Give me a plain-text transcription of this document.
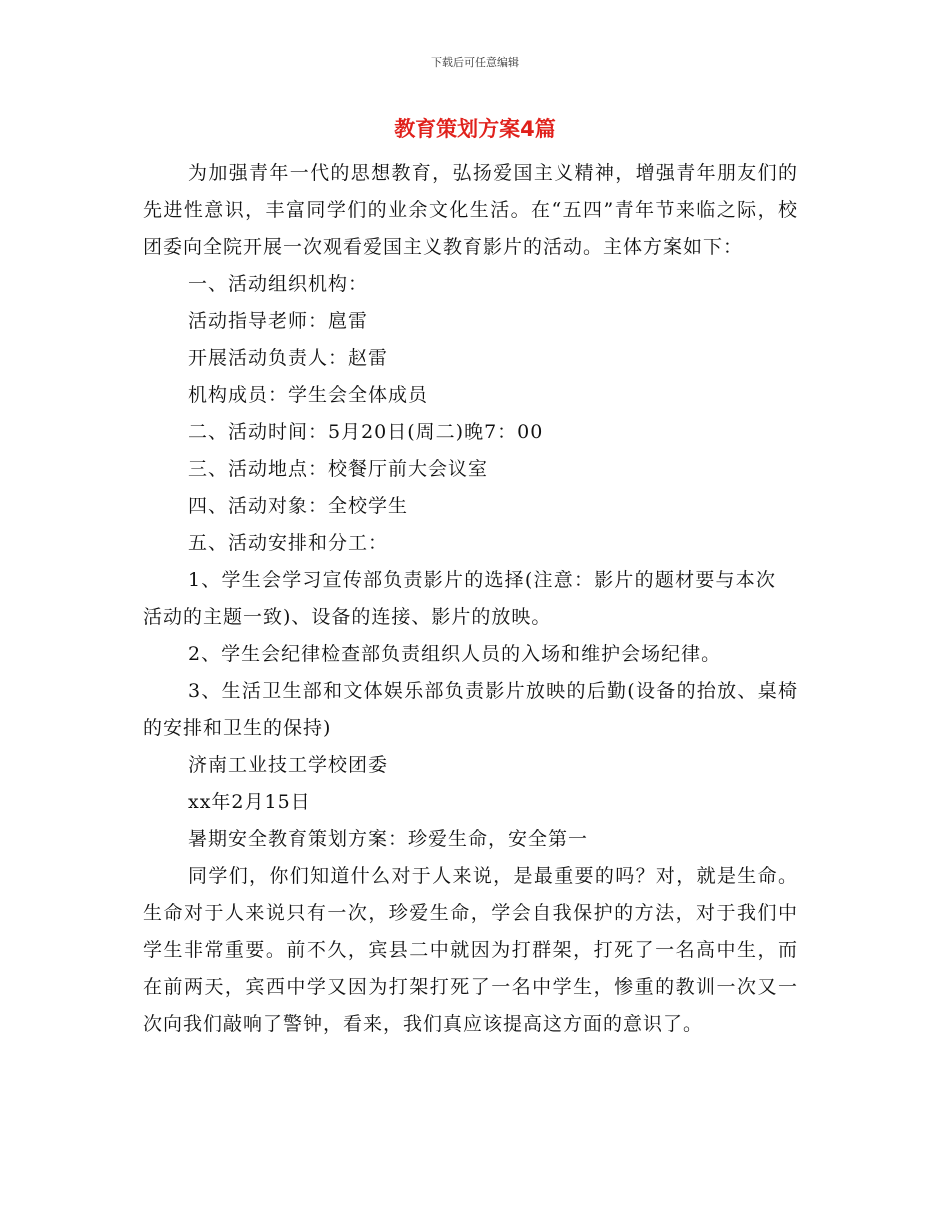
下载后可任意编辑
教育策划方案4篇

为加强青年一代的思想教育，弘扬爱国主义精神，增强青年朋友们的先进性意识，丰富同学们的业余文化生活。在“五四”青年节来临之际，校团委向全院开展一次观看爱国主义教育影片的活动。主体方案如下：

一、活动组织机构：

活动指导老师：扈雷

开展活动负责人：赵雷

机构成员：学生会全体成员

二、活动时间：5月20日(周二)晚7：00

三、活动地点：校餐厅前大会议室

四、活动对象：全校学生

五、活动安排和分工：

1、学生会学习宣传部负责影片的选择(注意：影片的题材要与本次活动的主题一致)、设备的连接、影片的放映。

2、学生会纪律检查部负责组织人员的入场和维护会场纪律。

3、生活卫生部和文体娱乐部负责影片放映的后勤(设备的抬放、桌椅的安排和卫生的保持)

济南工业技工学校团委

xx年2月15日

暑期安全教育策划方案：珍爱生命，安全第一

同学们，你们知道什么对于人来说，是最重要的吗？对，就是生命。生命对于人来说只有一次，珍爱生命，学会自我保护的方法，对于我们中学生非常重要。前不久，宾县二中就因为打群架，打死了一名高中生，而在前两天，宾西中学又因为打架打死了一名中学生，惨重的教训一次又一次向我们敲响了警钟，看来，我们真应该提高这方面的意识了。
